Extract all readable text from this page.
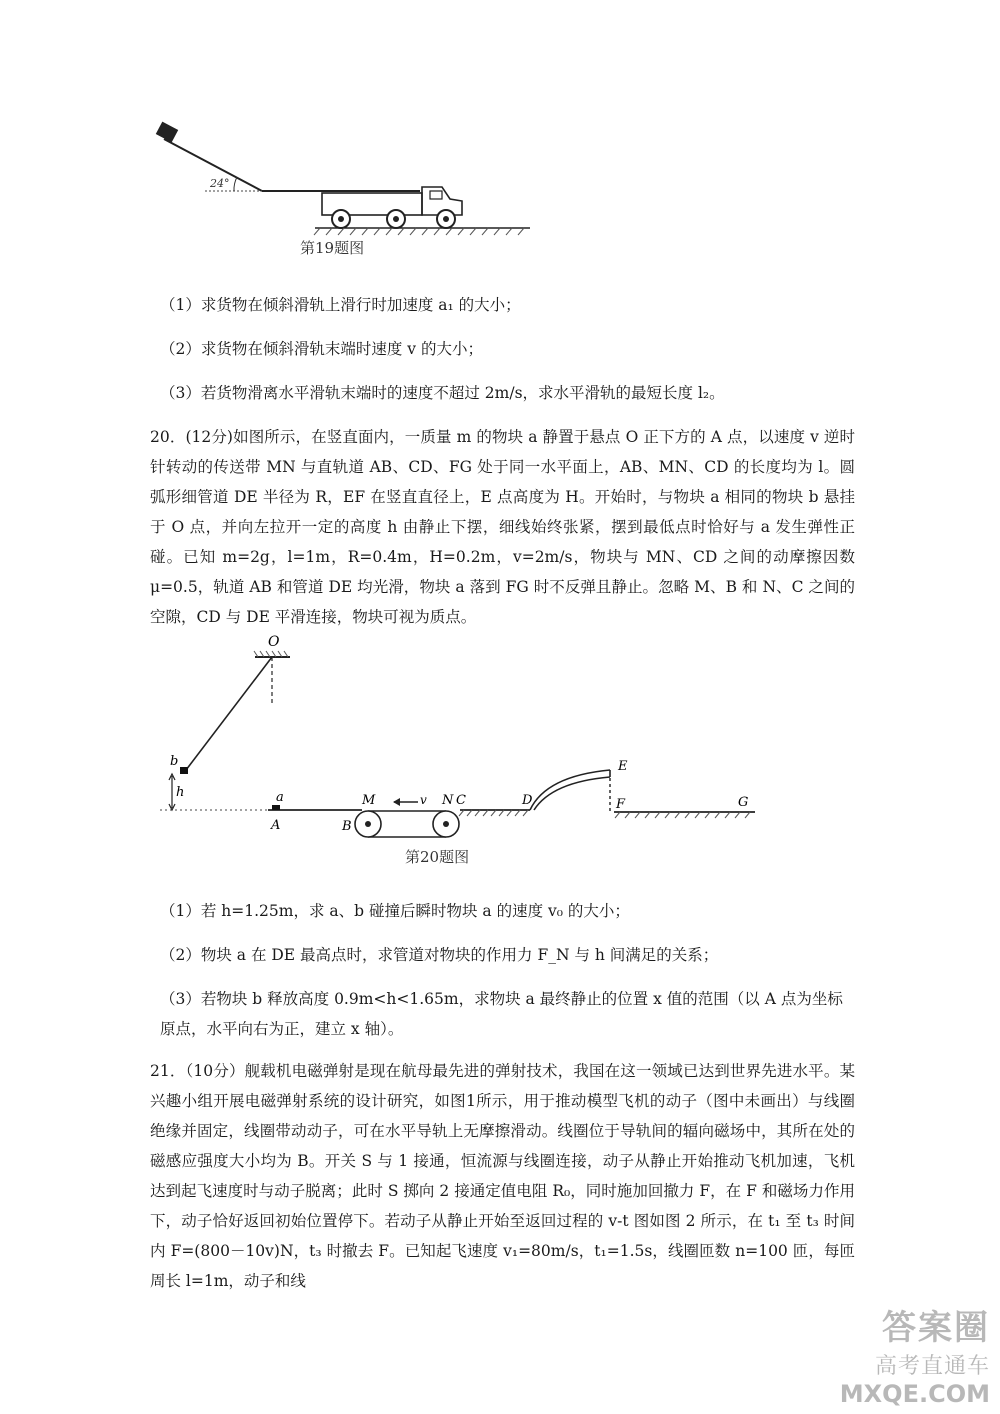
24°
第19题图
（1）求货物在倾斜滑轨上滑行时加速度 a₁ 的大小；
（2）求货物在倾斜滑轨末端时速度 v 的大小；
（3）若货物滑离水平滑轨末端时的速度不超过 2m/s，求水平滑轨的最短长度 l₂。
20．(12分)如图所示，在竖直面内，一质量 m 的物块 a 静置于悬点 O 正下方的 A 点，以速度 v 逆时针转动的传送带 MN 与直轨道 AB、CD、FG 处于同一水平面上，AB、MN、CD 的长度均为 l。圆弧形细管道 DE 半径为 R，EF 在竖直直径上，E 点高度为 H。开始时，与物块 a 相同的物块 b 悬挂于 O 点，并向左拉开一定的高度 h 由静止下摆，细线始终张紧，摆到最低点时恰好与 a 发生弹性正碰。已知 m=2g，l=1m，R=0.4m，H=0.2m，v=2m/s，物块与 MN、CD 之间的动摩擦因数μ=0.5，轨道 AB 和管道 DE 均光滑，物块 a 落到 FG 时不反弹且静止。忽略 M、B 和 N、C 之间的空隙，CD 与 DE 平滑连接，物块可视为质点。
O
b
h	a
A
M
B
v N C	D
E
F	G
第20题图
（1）若 h=1.25m，求 a、b 碰撞后瞬时物块 a 的速度 v₀ 的大小；
（2）物块 a 在 DE 最高点时，求管道对物块的作用力 F_N 与 h 间满足的关系；
（3）若物块 b 释放高度 0.9m<h<1.65m，求物块 a 最终静止的位置 x 值的范围（以 A 点为坐标原点，水平向右为正，建立 x 轴）。
21．（10分）舰载机电磁弹射是现在航母最先进的弹射技术，我国在这一领域已达到世界先进水平。某兴趣小组开展电磁弹射系统的设计研究，如图1所示，用于推动模型飞机的动子（图中未画出）与线圈绝缘并固定，线圈带动动子，可在水平导轨上无摩擦滑动。线圈位于导轨间的辐向磁场中，其所在处的磁感应强度大小均为 B。开关 S 与 1 接通，恒流源与线圈连接，动子从静止开始推动飞机加速，飞机达到起飞速度时与动子脱离；此时 S 掷向 2 接通定值电阻 R₀，同时施加回撤力 F，在 F 和磁场力作用下，动子恰好返回初始位置停下。若动子从静止开始至返回过程的 v-t 图如图 2 所示，在 t₁ 至 t₃ 时间内 F=(800－10v)N，t₃ 时撤去 F。已知起飞速度 v₁=80m/s，t₁=1.5s，线圈匝数 n=100 匝，每匝周长 l=1m，动子和线
答案圈
高考直通车
MXQE.COM
